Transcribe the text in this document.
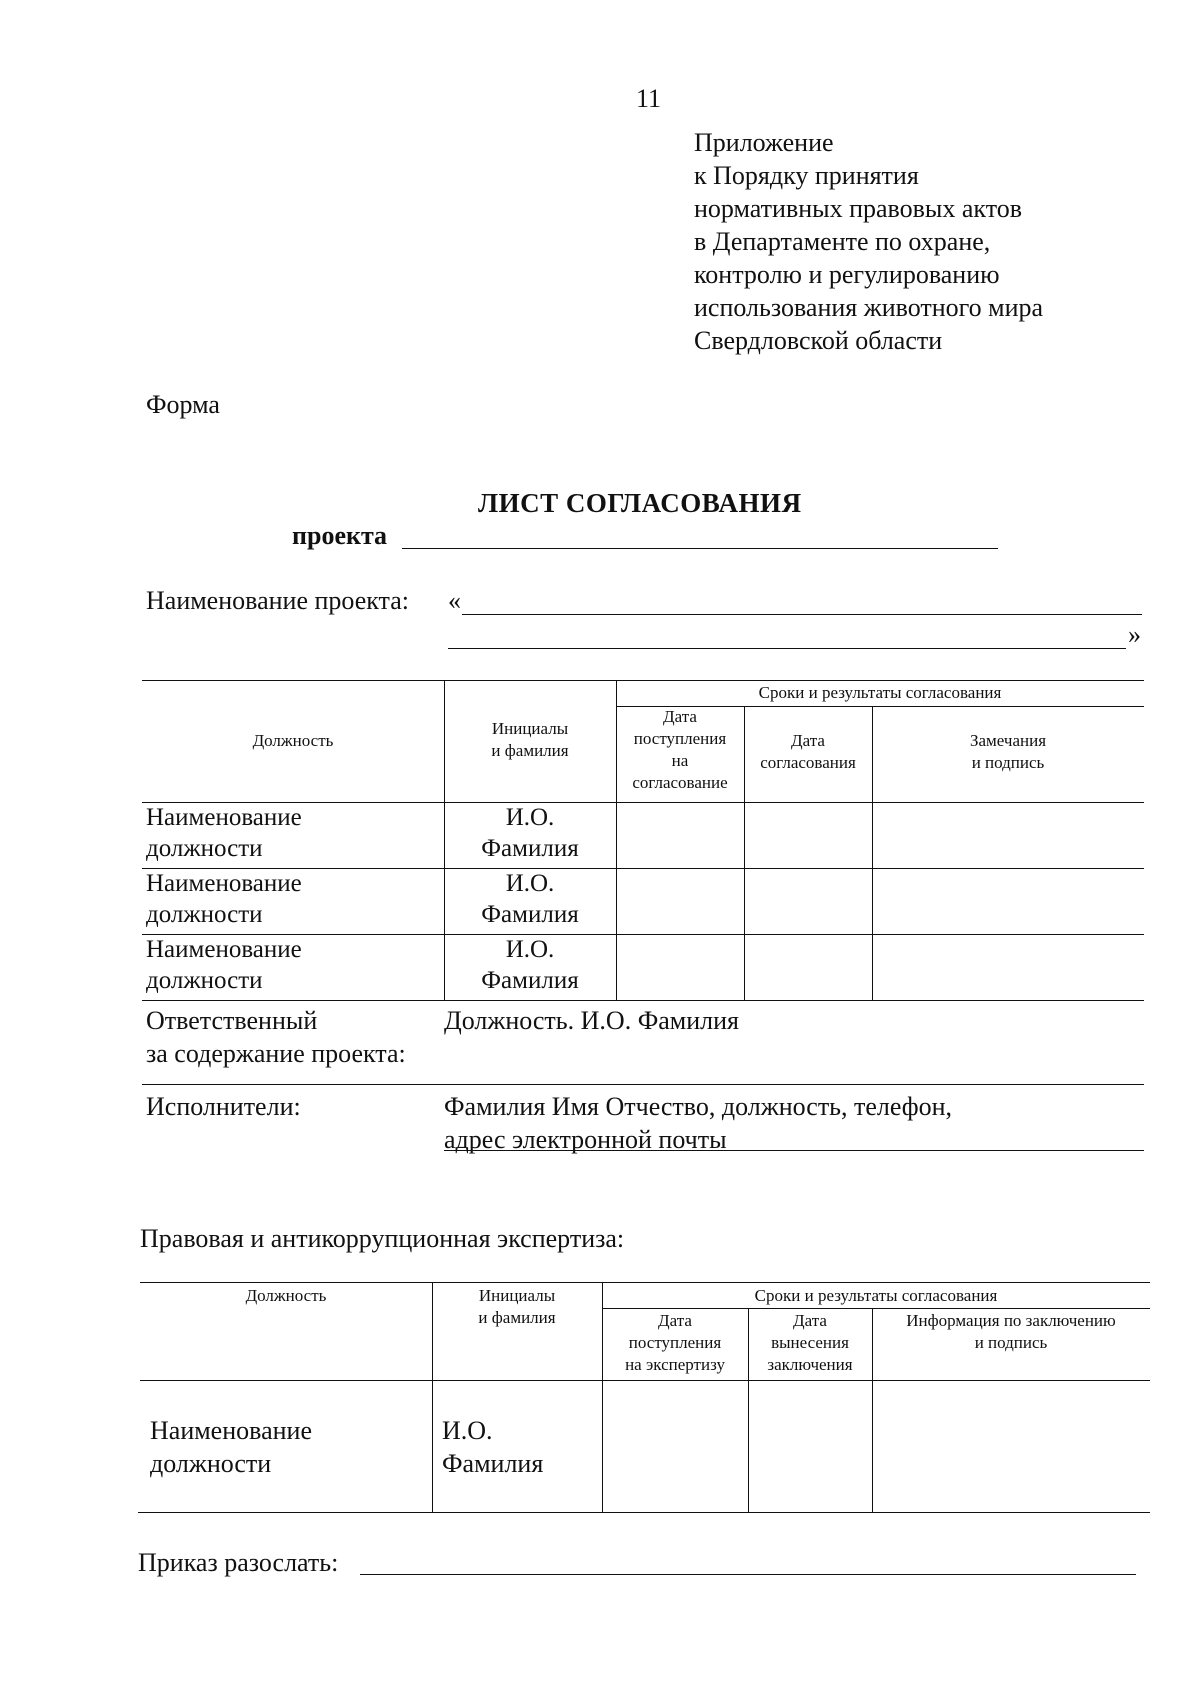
11
Приложение
к Порядку принятия
нормативных правовых актов
в Департаменте по охране,
контролю и регулированию
использования животного мира
Свердловской области
Форма
ЛИСТ СОГЛАСОВАНИЯ
проекта
Наименование проекта: «
»
Должность
Инициалы
и фамилия
Сроки и результаты согласования
Дата
поступления
на
согласование
Дата
согласования
Замечания
и подпись
Наименование
должности
И.О.
Фамилия
Наименование
должности
И.О.
Фамилия
Наименование
должности
И.О.
Фамилия
Ответственный
за содержание проекта:
Должность. И.О. Фамилия
Исполнители:	Фамилия Имя Отчество, должность, телефон,
адрес электронной почты
Правовая и антикоррупционная экспертиза:
Должность	Инициалы
и фамилия
Сроки и результаты согласования
Дата
поступления
на экспертизу
Дата
вынесения
заключения
Информация по заключению
и подпись
Наименование
должности
И.О.
Фамилия
Приказ разослать:
